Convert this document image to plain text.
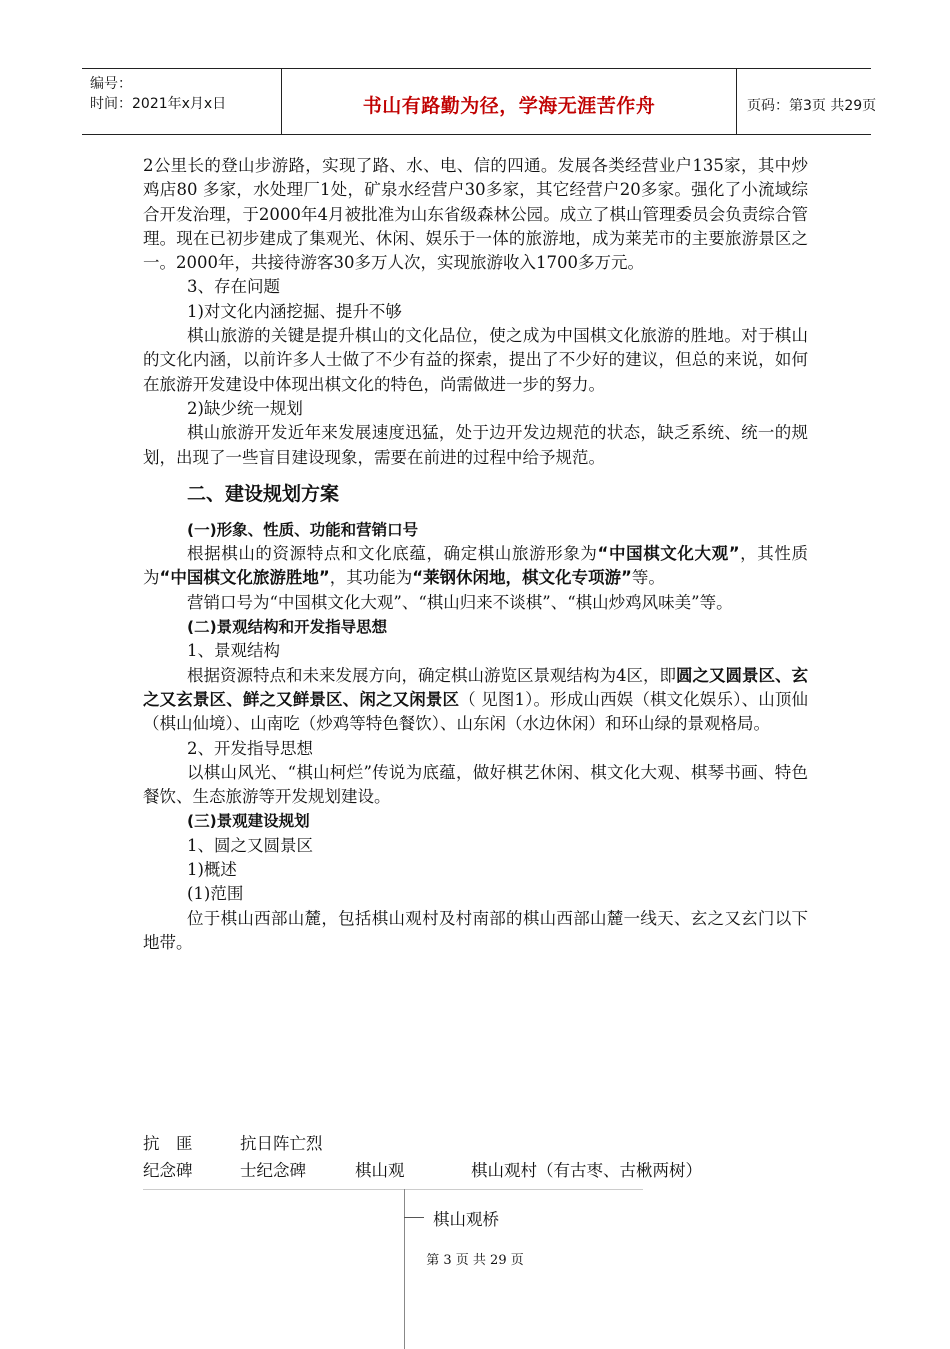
编号：
时间：2021年x月x日	书山有路勤为径，学海无涯苦作舟	页码：第3页 共29页

2公里长的登山步游路，实现了路、水、电、信的四通。发展各类经营业户135家，其中炒鸡店80 多家，水处理厂1处，矿泉水经营户30多家，其它经营户20多家。强化了小流域综合开发治理，于2000年4月被批准为山东省级森林公园。成立了棋山管理委员会负责综合管理。现在已初步建成了集观光、休闲、娱乐于一体的旅游地，成为莱芜市的主要旅游景区之一。2000年，共接待游客30多万人次，实现旅游收入1700多万元。

3、存在问题

1)对文化内涵挖掘、提升不够

棋山旅游的关键是提升棋山的文化品位，使之成为中国棋文化旅游的胜地。对于棋山的文化内涵，以前许多人士做了不少有益的探索，提出了不少好的建议，但总的来说，如何在旅游开发建设中体现出棋文化的特色，尚需做进一步的努力。

2)缺少统一规划

棋山旅游开发近年来发展速度迅猛，处于边开发边规范的状态，缺乏系统、统一的规划，出现了一些盲目建设现象，需要在前进的过程中给予规范。

二、建设规划方案

(一)形象、性质、功能和营销口号

根据棋山的资源特点和文化底蕴，确定棋山旅游形象为“中国棋文化大观”，其性质为“中国棋文化旅游胜地”，其功能为“莱钢休闲地，棋文化专项游”等。

营销口号为“中国棋文化大观”、“棋山归来不谈棋”、“棋山炒鸡风味美”等。

(二)景观结构和开发指导思想

1、景观结构

根据资源特点和未来发展方向，确定棋山游览区景观结构为4区，即圆之又圆景区、玄之又玄景区、鲜之又鲜景区、闲之又闲景区（ 见图1）。形成山西娱（棋文化娱乐）、山顶仙（棋山仙境）、山南吃（炒鸡等特色餐饮）、山东闲（水边休闲）和环山绿的景观格局。

2、开发指导思想

以棋山风光、“棋山柯烂”传说为底蕴，做好棋艺休闲、棋文化大观、棋琴书画、特色餐饮、生态旅游等开发规划建设。

(三)景观建设规划

1、圆之又圆景区

1)概述

(1)范围

位于棋山西部山麓，包括棋山观村及村南部的棋山西部山麓一线天、玄之又玄门以下地带。

抗　匪	抗日阵亡烈
纪念碑	士纪念碑	棋山观	棋山观村（有古枣、古楸两树）
棋山观桥
第 3 页 共 29 页
